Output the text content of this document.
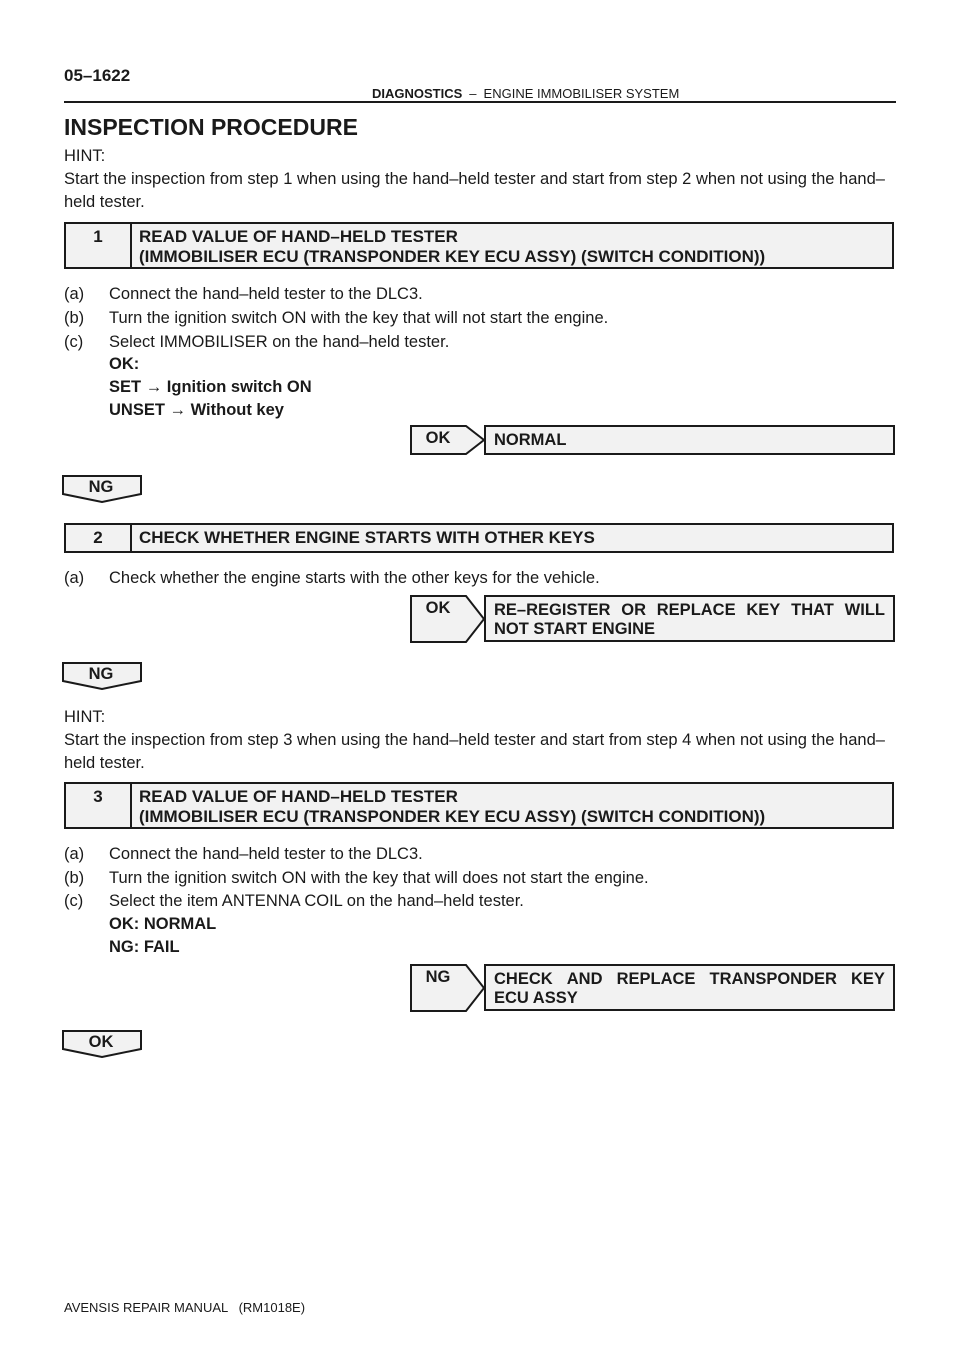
05–1622
DIAGNOSTICS – ENGINE IMMOBILISER SYSTEM
INSPECTION PROCEDURE
HINT:
Start the inspection from step 1 when using the hand–held tester and start from step 2 when not using the hand–held tester.
1	READ VALUE OF HAND–HELD TESTER
(IMMOBILISER ECU (TRANSPONDER KEY ECU ASSY) (SWITCH CONDITION))
(a) Connect the hand–held tester to the DLC3.
(b) Turn the ignition switch ON with the key that will not start the engine.
(c) Select IMMOBILISER on the hand–held tester.
OK:
SET → Ignition switch ON
UNSET → Without key
OK	NORMAL
NG
2	CHECK WHETHER ENGINE STARTS WITH OTHER KEYS
(a) Check whether the engine starts with the other keys for the vehicle.
OK	RE–REGISTER OR REPLACE KEY THAT WILL
NOT START ENGINE
NG
HINT:
Start the inspection from step 3 when using the hand–held tester and start from step 4 when not using the hand–held tester.
3	READ VALUE OF HAND–HELD TESTER
(IMMOBILISER ECU (TRANSPONDER KEY ECU ASSY) (SWITCH CONDITION))
(a) Connect the hand–held tester to the DLC3.
(b) Turn the ignition switch ON with the key that will does not start the engine.
(c) Select the item ANTENNA COIL on the hand–held tester.
OK: NORMAL
NG: FAIL
NG	CHECK AND REPLACE TRANSPONDER KEY
ECU ASSY
OK
AVENSIS REPAIR MANUAL   (RM1018E)
